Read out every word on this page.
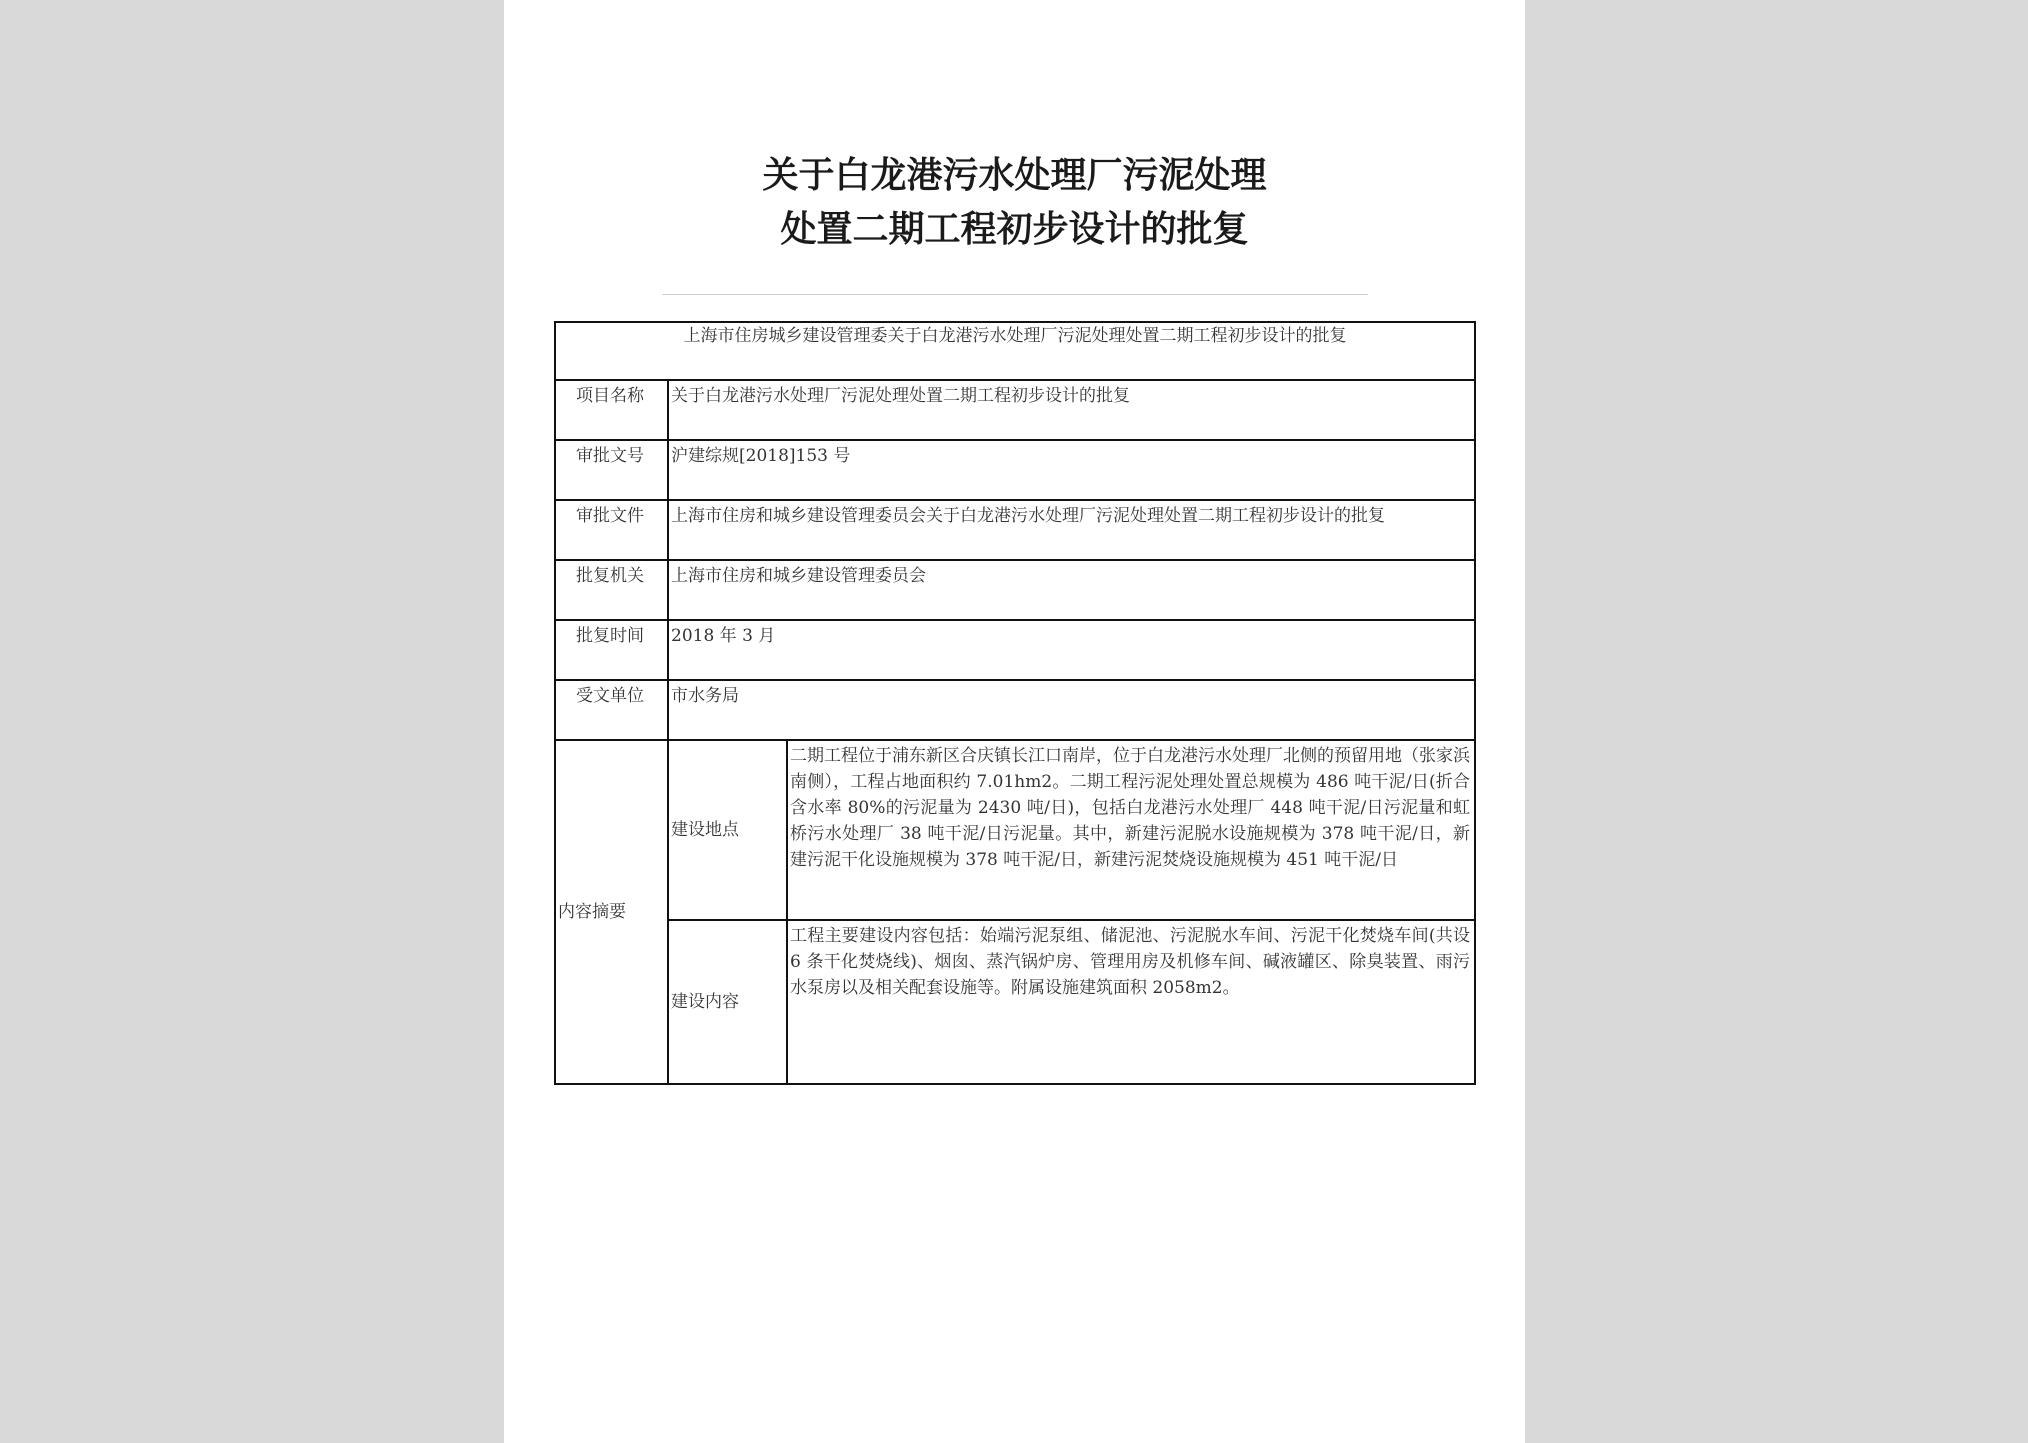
关于白龙港污水处理厂污泥处理
处置二期工程初步设计的批复
上海市住房城乡建设管理委关于白龙港污水处理厂污泥处理处置二期工程初步设计的批复		
项目名称	关于白龙港污水处理厂污泥处理处置二期工程初步设计的批复	
审批文号	沪建综规[2018]153 号	
审批文件	上海市住房和城乡建设管理委员会关于白龙港污水处理厂污泥处理处置二期工程初步设计的批复	
批复机关	上海市住房和城乡建设管理委员会	
批复时间	2018 年 3 月	
受文单位	市水务局	
内容摘要	建设地点	二期工程位于浦东新区合庆镇长江口南岸，位于白龙港污水处理厂北侧的预留用地（张家浜南侧），工程占地面积约 7.01hm2。二期工程污泥处理处置总规模为 486 吨干泥/日(折合含水率 80%的污泥量为 2430 吨/日)，包括白龙港污水处理厂 448 吨干泥/日污泥量和虹桥污水处理厂 38 吨干泥/日污泥量。其中，新建污泥脱水设施规模为 378 吨干泥/日，新建污泥干化设施规模为 378 吨干泥/日，新建污泥焚烧设施规模为 451 吨干泥/日
	建设内容	工程主要建设内容包括：始端污泥泵组、储泥池、污泥脱水车间、污泥干化焚烧车间(共设 6 条干化焚烧线)、烟囱、蒸汽锅炉房、管理用房及机修车间、碱液罐区、除臭装置、雨污水泵房以及相关配套设施等。附属设施建筑面积 2058m2。
